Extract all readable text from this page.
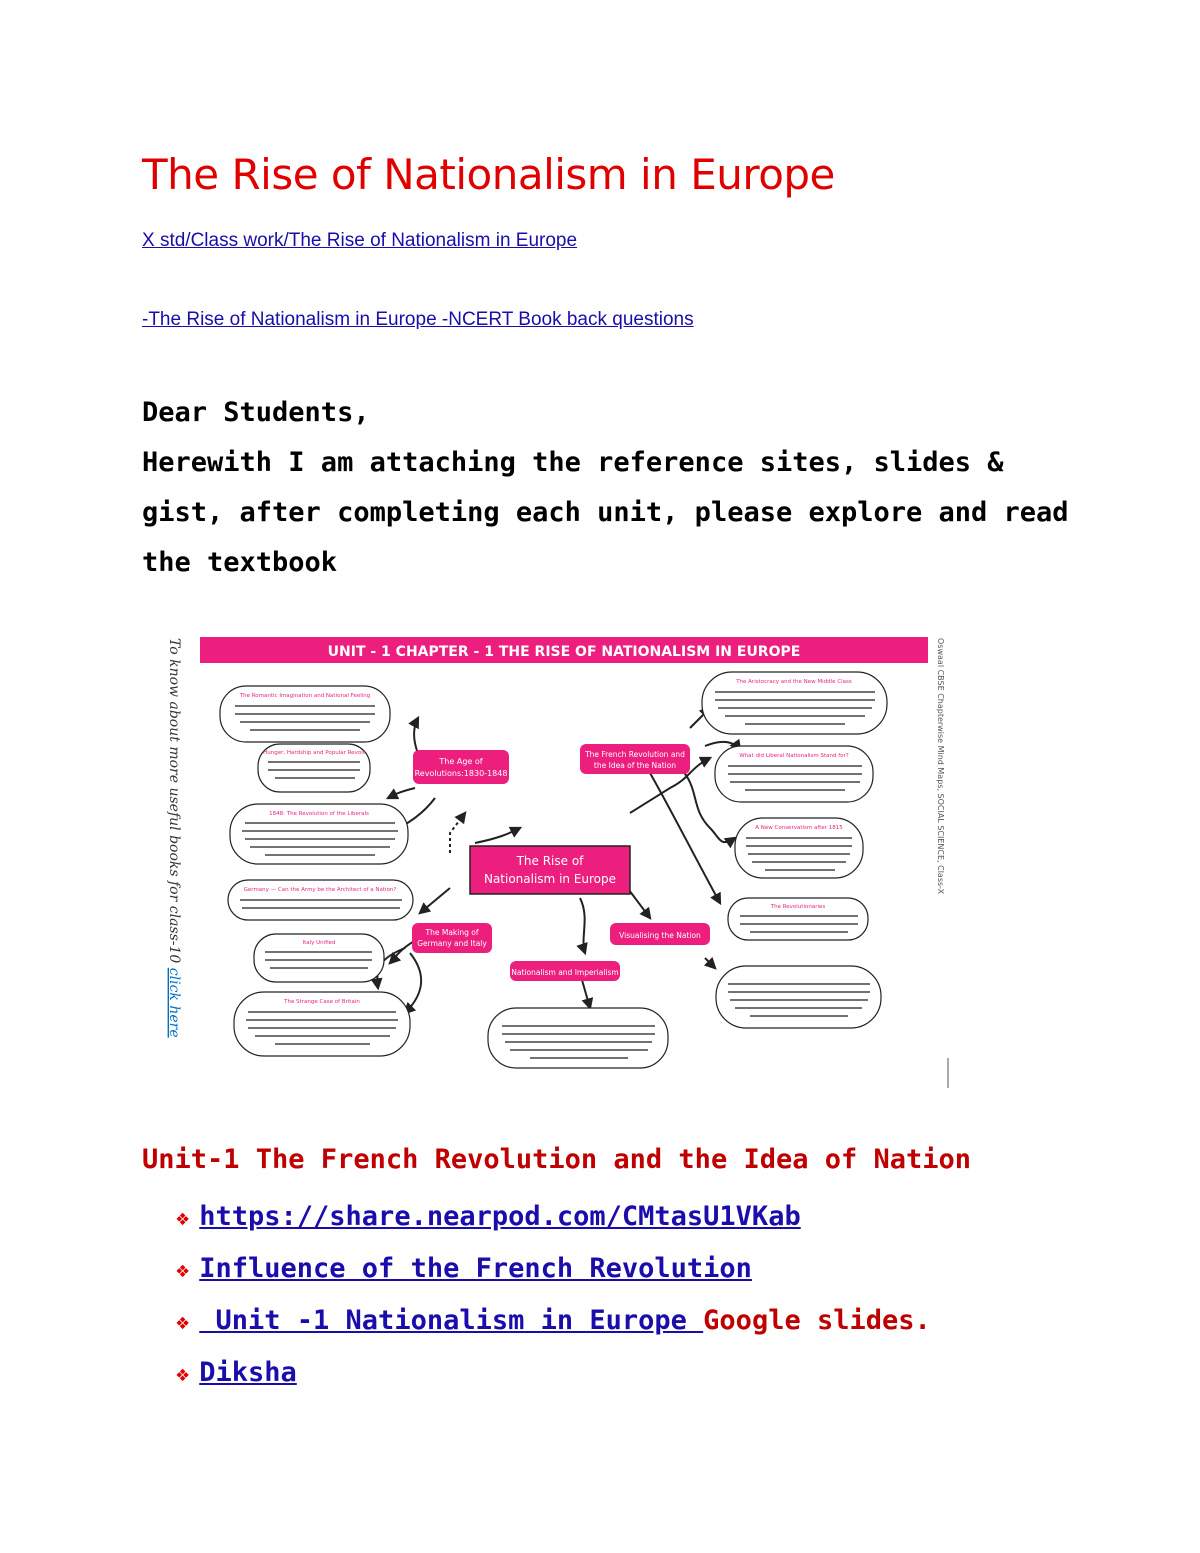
The Rise of Nationalism in Europe
X std/Class work/The Rise of Nationalism in Europe
-The Rise of Nationalism in Europe -NCERT Book back questions
Dear Students,
Herewith I am attaching the reference sites, slides &
gist, after completing each unit, please explore and read
the textbook
To know about more useful books for class-10 click here
Oswaal CBSE Chapterwise Mind Maps, SOCIAL SCIENCE, Class-X
UNIT - 1 CHAPTER - 1 THE RISE OF NATIONALISM IN EUROPE
The Rise of
Nationalism in Europe
The Age of
Revolutions:1830-1848
The French Revolution and
the Idea of the Nation
The Making of
Germany and Italy
Visualising the Nation
Nationalism and Imperialism
The Romantic Imagination and National Feeling
Hunger, Hardship and Popular Revolt
1848: The Revolution of the Liberals
Germany — Can the Army be the Architect of a Nation?
Italy Unified
The Strange Case of Britain
The Aristocracy and the New Middle Class
What did Liberal Nationalism Stand for?
A New Conservatism after 1815
The Revolutionaries
Unit-1 The French Revolution and the Idea of Nation
❖ https://share.nearpod.com/CMtasU1VKab
❖ Influence of the French Revolution
❖ Unit -1 Nationalism in Europe Google slides.
❖ Diksha
